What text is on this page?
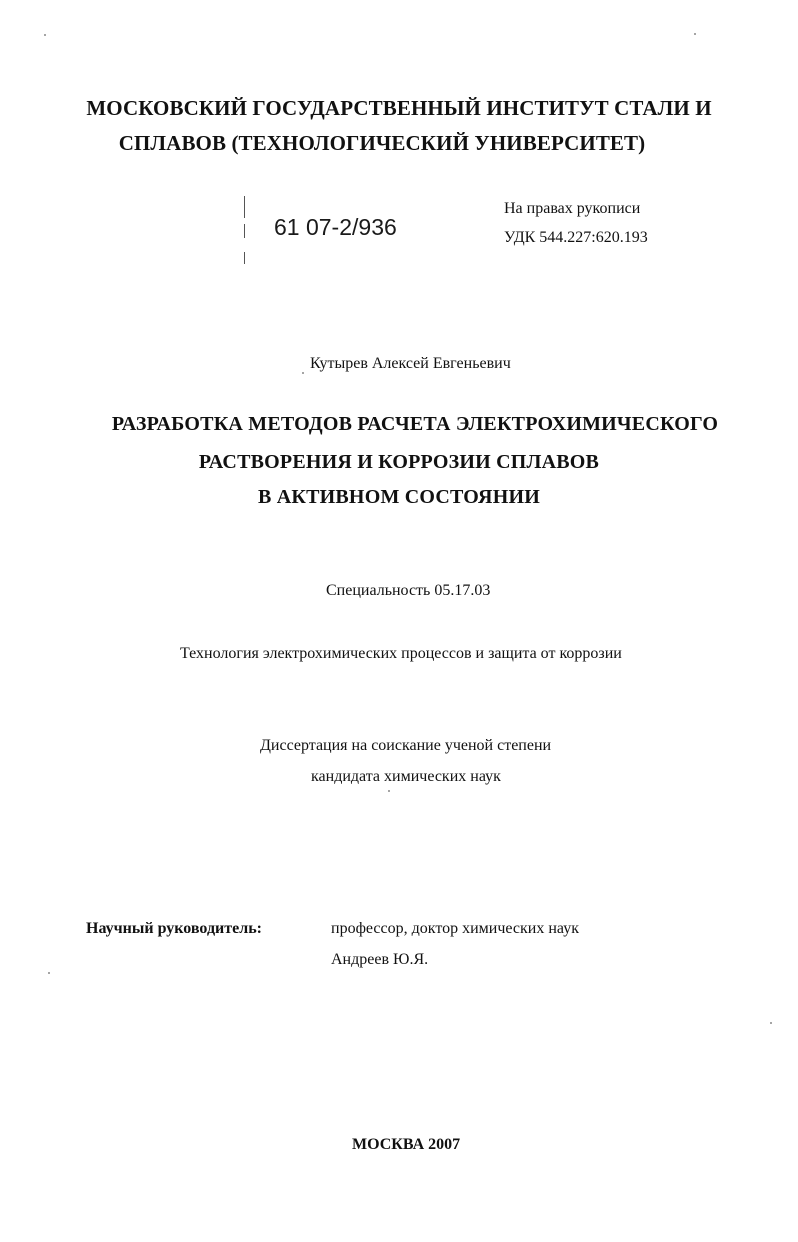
МОСКОВСКИЙ ГОСУДАРСТВЕННЫЙ ИНСТИТУТ СТАЛИ И
СПЛАВОВ (ТЕХНОЛОГИЧЕСКИЙ УНИВЕРСИТЕТ)
61 07-2/936
На правах рукописи
УДК 544.227:620.193
Кутырев Алексей Евгеньевич
РАЗРАБОТКА МЕТОДОВ РАСЧЕТА ЭЛЕКТРОХИМИЧЕСКОГО
РАСТВОРЕНИЯ И КОРРОЗИИ СПЛАВОВ
В АКТИВНОМ СОСТОЯНИИ
Специальность 05.17.03
Технология электрохимических процессов и защита от коррозии
Диссертация на соискание ученой степени
кандидата химических наук
Научный руководитель:	профессор, доктор химических наук
Андреев Ю.Я.
МОСКВА 2007
